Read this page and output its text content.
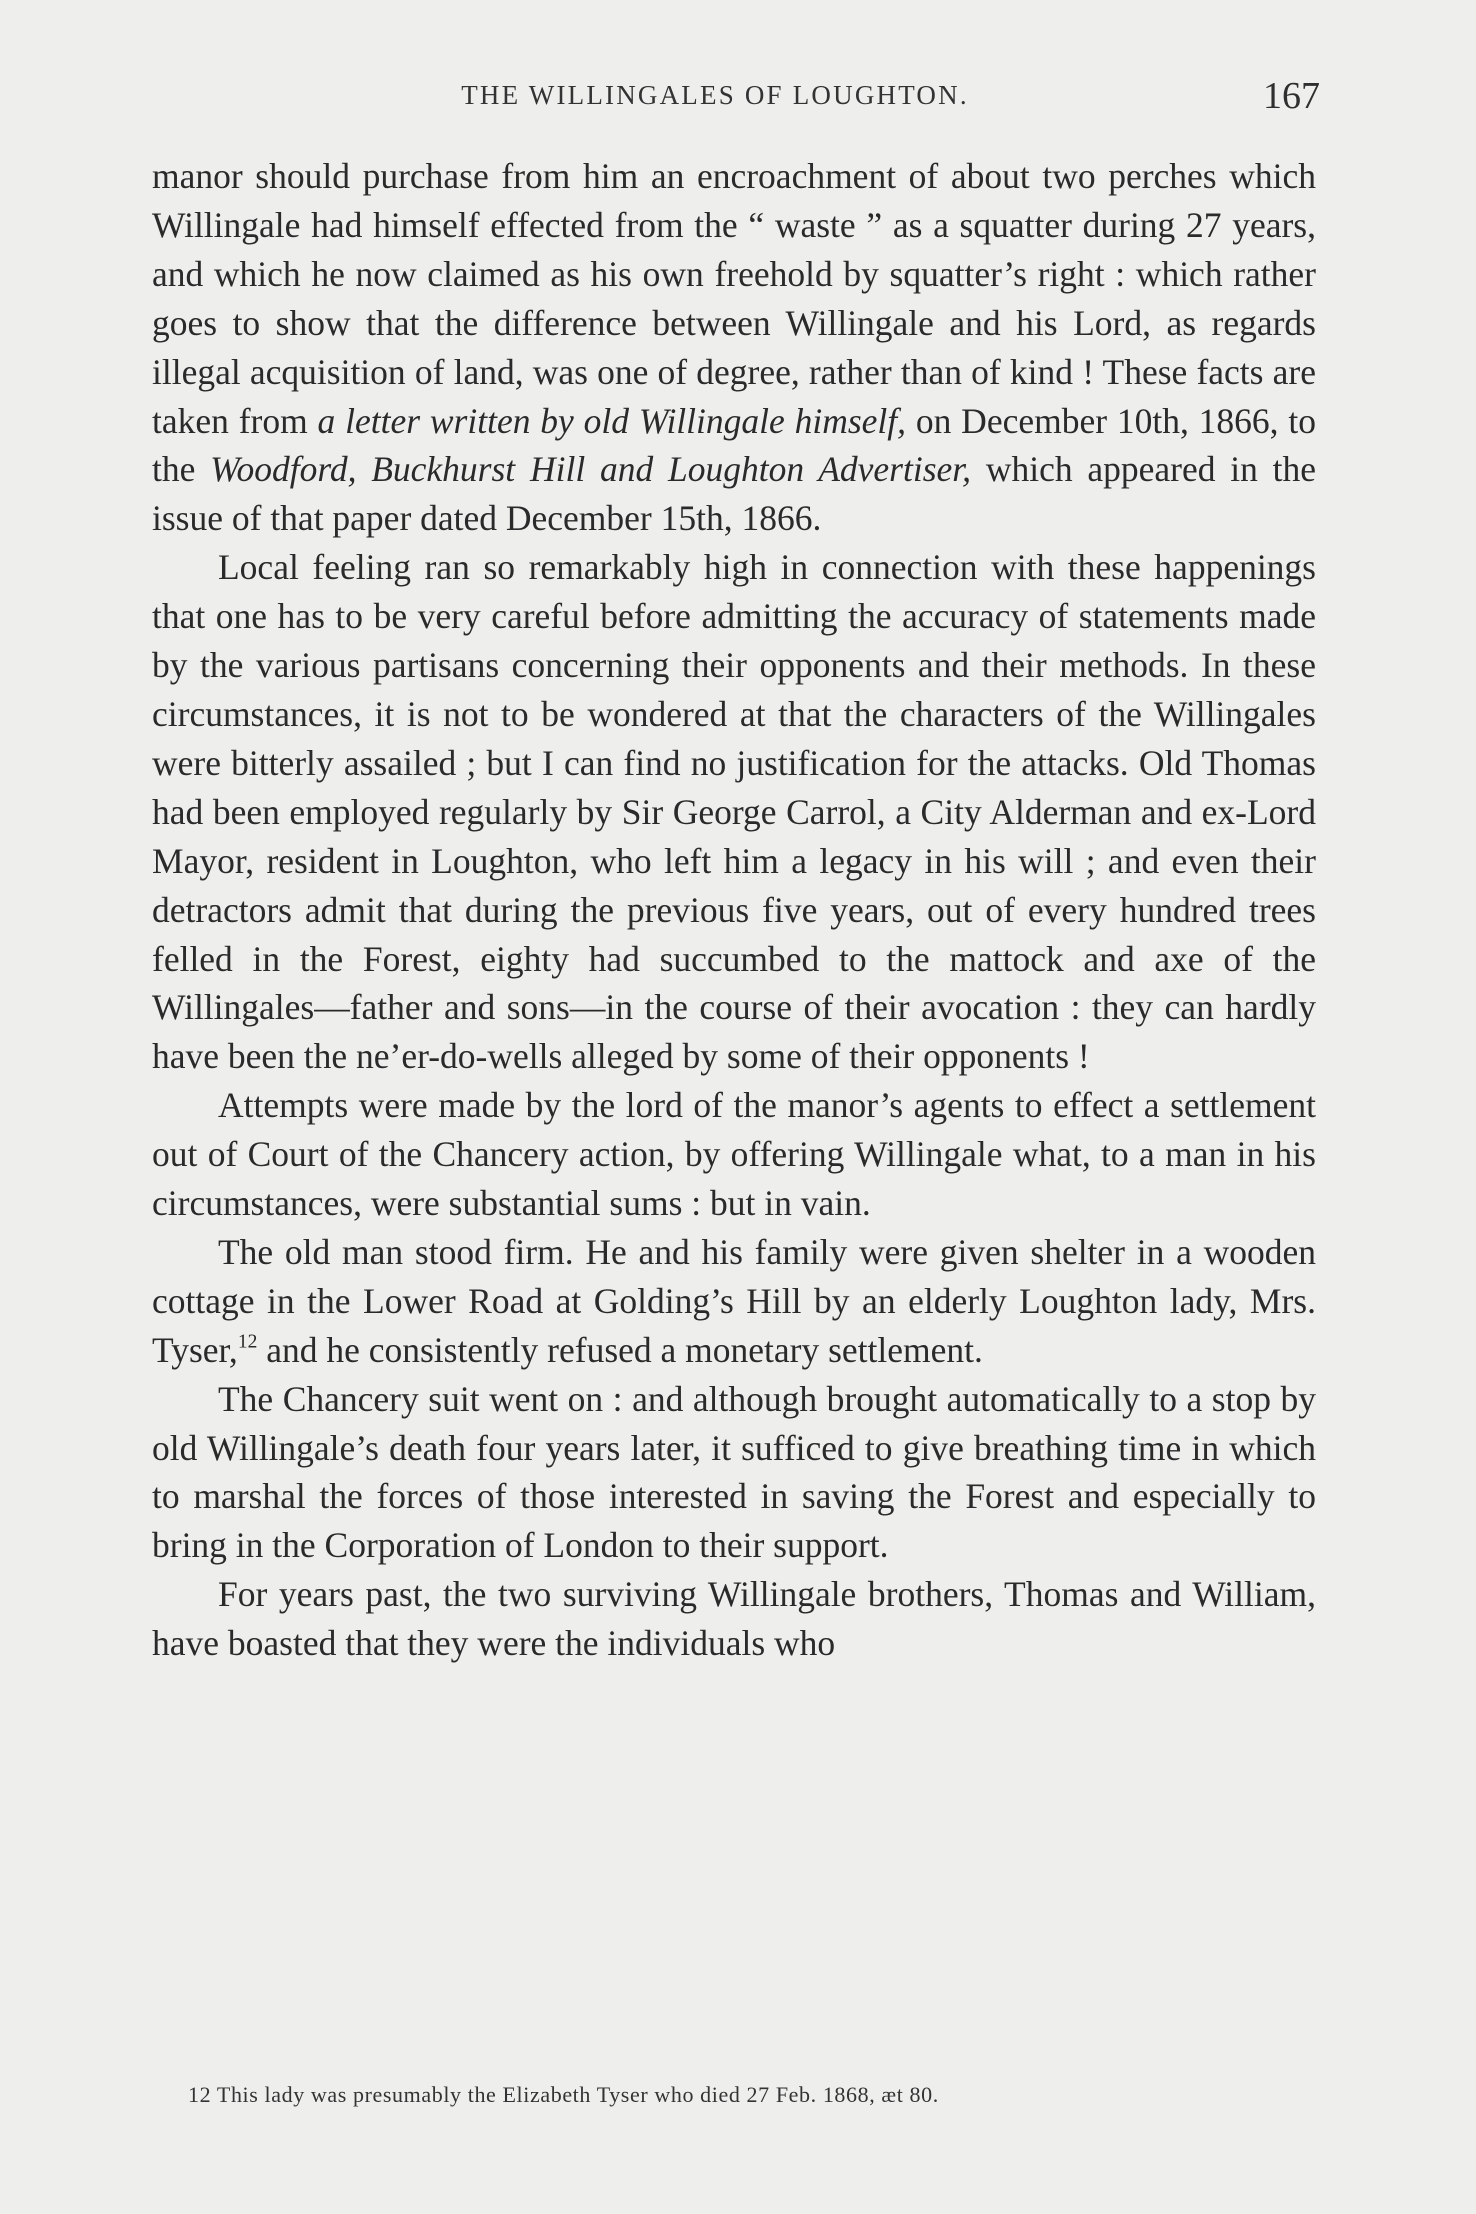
THE WILLINGALES OF LOUGHTON.	167

manor should purchase from him an encroachment of about two perches which Willingale had himself effected from the “ waste ” as a squatter during 27 years, and which he now claimed as his own freehold by squatter’s right : which rather goes to show that the difference between Willingale and his Lord, as regards illegal acquisition of land, was one of degree, rather than of kind ! These facts are taken from a letter written by old Willingale himself, on December 10th, 1866, to the Woodford, Buckhurst Hill and Loughton Advertiser, which appeared in the issue of that paper dated December 15th, 1866.

Local feeling ran so remarkably high in connection with these happenings that one has to be very careful before admitting the accuracy of statements made by the various partisans concerning their opponents and their methods. In these circumstances, it is not to be wondered at that the characters of the Willingales were bitterly assailed ; but I can find no justification for the attacks. Old Thomas had been employed regularly by Sir George Carrol, a City Alderman and ex-Lord Mayor, resident in Loughton, who left him a legacy in his will ; and even their detractors admit that during the previous five years, out of every hundred trees felled in the Forest, eighty had succumbed to the mattock and axe of the Willingales—father and sons—in the course of their avocation : they can hardly have been the ne’er-do-wells alleged by some of their opponents !

Attempts were made by the lord of the manor’s agents to effect a settlement out of Court of the Chancery action, by offering Willingale what, to a man in his circumstances, were substantial sums : but in vain.

The old man stood firm. He and his family were given shelter in a wooden cottage in the Lower Road at Golding’s Hill by an elderly Loughton lady, Mrs. Tyser,$^{12}$ and he consistently refused a monetary settlement.

The Chancery suit went on : and although brought automatically to a stop by old Willingale’s death four years later, it sufficed to give breathing time in which to marshal the forces of those interested in saving the Forest and especially to bring in the Corporation of London to their support.

For years past, the two surviving Willingale brothers, Thomas and William, have boasted that they were the individuals who

12 This lady was presumably the Elizabeth Tyser who died 27 Feb. 1868, æt 80.
